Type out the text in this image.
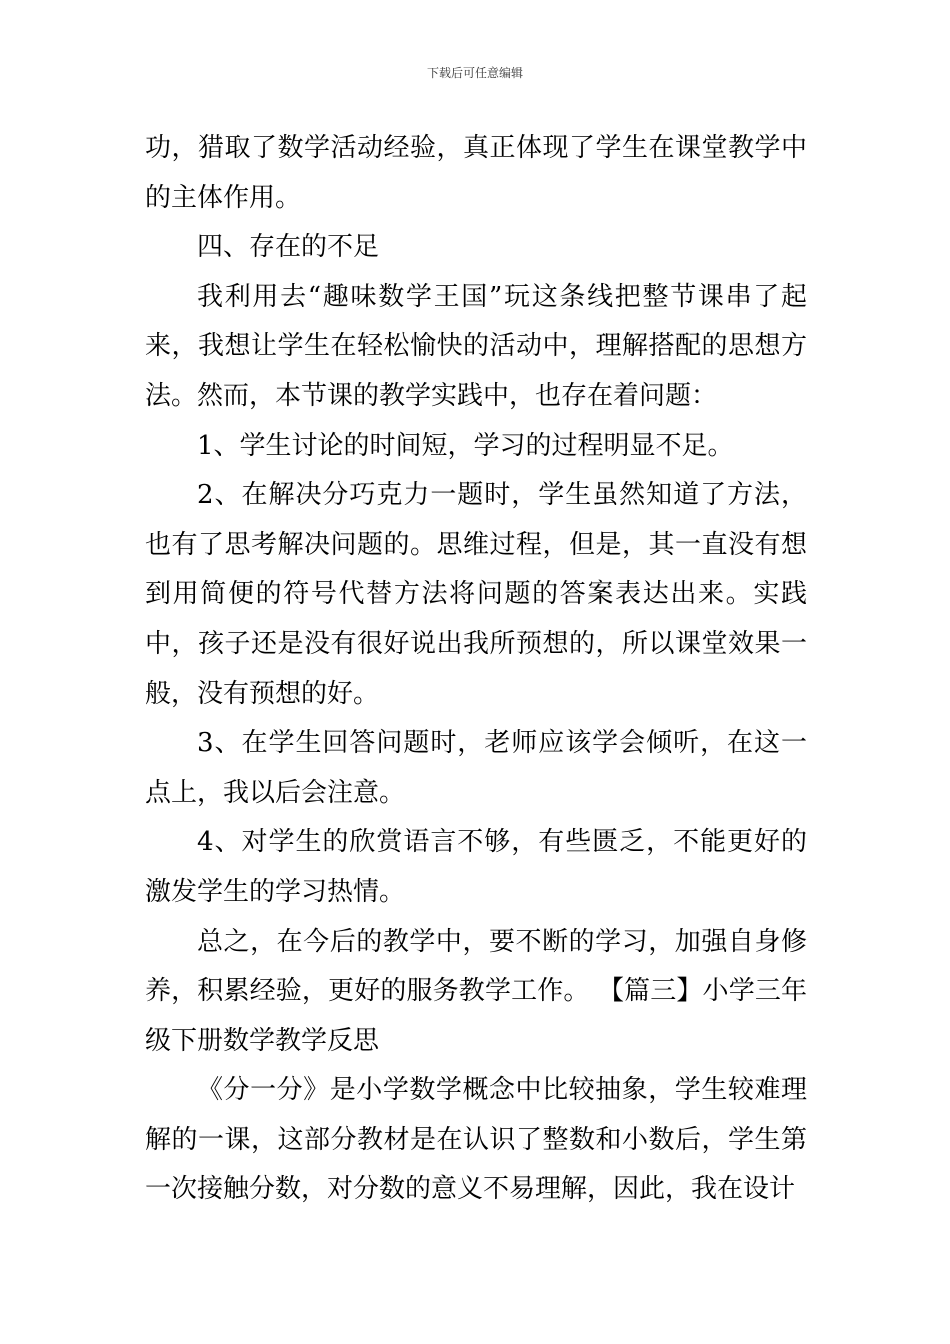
下载后可任意编辑

功，猎取了数学活动经验，真正体现了学生在课堂教学中的主体作用。

四、存在的不足

我利用去“趣味数学王国”玩这条线把整节课串了起来，我想让学生在轻松愉快的活动中，理解搭配的思想方法。然而，本节课的教学实践中，也存在着问题：

1、学生讨论的时间短，学习的过程明显不足。

2、在解决分巧克力一题时，学生虽然知道了方法，也有了思考解决问题的。思维过程，但是，其一直没有想到用简便的符号代替方法将问题的答案表达出来。实践中，孩子还是没有很好说出我所预想的，所以课堂效果一般，没有预想的好。

3、在学生回答问题时，老师应该学会倾听，在这一点上，我以后会注意。

4、对学生的欣赏语言不够，有些匮乏，不能更好的激发学生的学习热情。

总之，在今后的教学中，要不断的学习，加强自身修养，积累经验，更好的服务教学工作。 【篇三】小学三年级下册数学教学反思

《分一分》是小学数学概念中比较抽象，学生较难理解的一课，这部分教材是在认识了整数和小数后，学生第一次接触分数，对分数的意义不易理解，因此，我在设计
